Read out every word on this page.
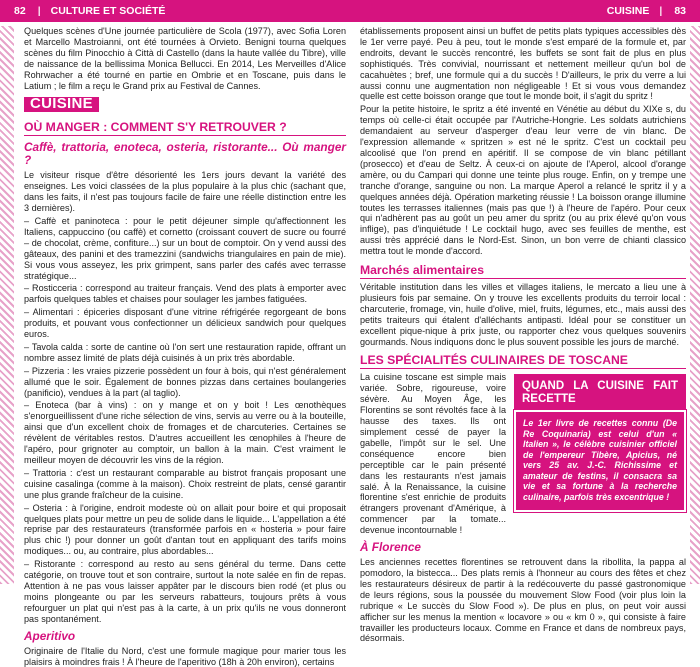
82 | CULTURE ET SOCIÉTÉ

Quelques scènes d'Une journée particulière de Scola (1977), avec Sofia Loren et Marcello Mastroianni, ont été tournées à Orvieto. Benigni tourna quelques scènes du film Pinocchio à Città di Castello (dans la haute vallée du Tibre), ville de naissance de la bellissima Monica Bellucci. En 2014, Les Merveilles d'Alice Rohrwacher a été tourné en partie en Ombrie et en Toscane, puis dans le Latium ; le film a reçu le Grand prix au Festival de Cannes.

CUISINE
OÙ MANGER : COMMENT S'Y RETROUVER ?
Caffè, trattoria, enoteca, osteria, ristorante... Où manger ?

Le visiteur risque d'être désorienté les 1ers jours devant la variété des enseignes. Les voici classées de la plus populaire à la plus chic (sachant que, dans les faits, il n'est pas toujours facile de faire une réelle distinction entre les 3 dernières).

– Caffè et paninoteca : pour le petit déjeuner simple qu'affectionnent les Italiens, cappuccino (ou caffè) et cornetto (croissant couvert de sucre ou fourré – de chocolat, crème, confiture...) sur un bout de comptoir. On y vend aussi des gâteaux, des panini et des tramezzini (sandwichs triangulaires en pain de mie). Si vous vous asseyez, les prix grimpent, sans parler des cafés avec terrasse stratégique...

– Rosticceria : correspond au traiteur français. Vend des plats à emporter avec parfois quelques tables et chaises pour soulager les jambes fatiguées.

– Alimentari : épiceries disposant d'une vitrine réfrigérée regorgeant de bons produits, et pouvant vous confectionner un délicieux sandwich pour quelques euros.

– Tavola calda : sorte de cantine où l'on sert une restauration rapide, offrant un nombre assez limité de plats déjà cuisinés à un prix très abordable.

– Pizzeria : les vraies pizzerie possèdent un four à bois, qui n'est généralement allumé que le soir. Également de bonnes pizzas dans certaines boulangeries (panificio), vendues à la part (al taglio).

– Enoteca (bar à vins) : on y mange et on y boit ! Les œnothèques s'enorgueillissent d'une riche sélection de vins, servis au verre ou à la bouteille, ainsi que d'un excellent choix de fromages et de charcuteries. Certaines se révèlent de véritables restos. D'autres accueillent les œnophiles à l'heure de l'apéro, pour grignoter au comptoir, un ballon à la main. C'est vraiment le meilleur moyen de découvrir les vins de la région.

– Trattoria : c'est un restaurant comparable au bistrot français proposant une cuisine casalinga (comme à la maison). Choix restreint de plats, censé garantir une plus grande fraîcheur de la cuisine.

– Osteria : à l'origine, endroit modeste où on allait pour boire et qui proposait quelques plats pour mettre un peu de solide dans le liquide... L'appellation a été reprise par des restaurateurs (transformée parfois en « hosteria » pour faire plus chic !) pour donner un goût d'antan tout en appliquant des tarifs moins modiques... ou, au contraire, plus abordables...

– Ristorante : correspond au resto au sens général du terme. Dans cette catégorie, on trouve tout et son contraire, surtout la note salée en fin de repas. Attention à ne pas vous laisser appâter par le discours bien rodé (et plus ou moins plongeante ou par les serveurs rabatteurs, toujours prêts à vous refourguer un plat qui n'est pas à la carte, à un prix qu'ils ne vous donneront pas spontanément.

Aperitivo

Originaire de l'Italie du Nord, c'est une formule magique pour marier tous les plaisirs à moindres frais ! À l'heure de l'aperitivo (18h à 20h environ), certains

CUISINE | 83

établissements proposent ainsi un buffet de petits plats typiques accessibles dès le 1er verre payé. Peu à peu, tout le monde s'est emparé de la formule et, par endroits, devant le succès rencontré, les buffets se sont fait de plus en plus sophistiqués. Très convivial, nourrissant et nettement meilleur qu'un bol de cacahuètes ; bref, une formule qui a du succès ! D'ailleurs, le prix du verre a lui aussi connu une augmentation non négligeable ! Et si vous vous demandez quelle est cette boisson orange que tout le monde boit, il s'agit du spritz !

Pour la petite histoire, le spritz a été inventé en Vénétie au début du XIXe s, du temps où celle-ci était occupée par l'Autriche-Hongrie. Les soldats autrichiens demandaient au serveur d'asperger d'eau leur verre de vin blanc. De l'expression allemande « spritzen » est né le spritz. C'est un cocktail peu alcoolisé que l'on prend en apéritif. Il se compose de vin blanc pétillant (prosecco) et d'eau de Seltz. À ceux-ci on ajoute de l'Aperol, alcool d'orange amère, ou du Campari qui donne une teinte plus rouge. Enfin, on y trempe une tranche d'orange, sanguine ou non. La marque Aperol a relancé le spritz il y a quelques années déjà. Opération marketing réussie ! La boisson orange illumine toutes les terrasses italiennes (mais pas que !) à l'heure de l'apéro. Pour ceux qui n'adhèrent pas au goût un peu amer du spritz (ou au prix élevé qu'on vous inflige), pas d'inquiétude ! Le cocktail hugo, avec ses feuilles de menthe, est aussi très apprécié dans le Nord-Est. Sinon, un bon verre de chianti classico mettra tout le monde d'accord.

Marchés alimentaires

Véritable institution dans les villes et villages italiens, le mercato a lieu une à plusieurs fois par semaine. On y trouve les excellents produits du terroir local : charcuterie, fromage, vin, huile d'olive, miel, fruits, légumes, etc., mais aussi des petits traiteurs qui étalent d'alléchants antipasti. Idéal pour se constituer un excellent pique-nique à prix juste, ou rapporter chez vous quelques souvenirs gourmands. Nous indiquons donc le plus souvent possible les jours de marché.

LES SPÉCIALITÉS CULINAIRES DE TOSCANE
QUAND LA CUISINE FAIT RECETTE
Le 1er livre de recettes connu (De Re Coquinaria) est celui d'un « Italien », le célèbre cuisinier officiel de l'empereur Tibère, Apicius, né vers 25 av. J.-C. Richissime et amateur de festins, il consacra sa vie et sa fortune à la recherche culinaire, parfois très excentrique !

La cuisine toscane est simple mais variée. Sobre, rigoureuse, voire sévère. Au Moyen Âge, les Florentins se sont révoltés face à la hausse des taxes. Ils ont simplement cessé de payer la gabelle, l'impôt sur le sel. Une conséquence encore bien perceptible car le pain présenté dans les restaurants n'est jamais salé. À la Renaissance, la cuisine florentine s'est enrichie de produits étrangers provenant d'Amérique, à commencer par la tomate... devenue incontournable !

À Florence

Les anciennes recettes florentines se retrouvent dans la ribollita, la pappa al pomodoro, la bistecca... Des plats remis à l'honneur au cours des fêtes et chez les restaurateurs désireux de partir à la redécouverte du passé gastronomique de leurs régions, sous la poussée du mouvement Slow Food (voir plus loin la rubrique « Le succès du Slow Food »). De plus en plus, on peut voir aussi afficher sur les menus la mention « locavore » ou « km 0 », qui consiste à faire travailler les producteurs locaux. Comme en France et dans de nombreux pays, désormais.
